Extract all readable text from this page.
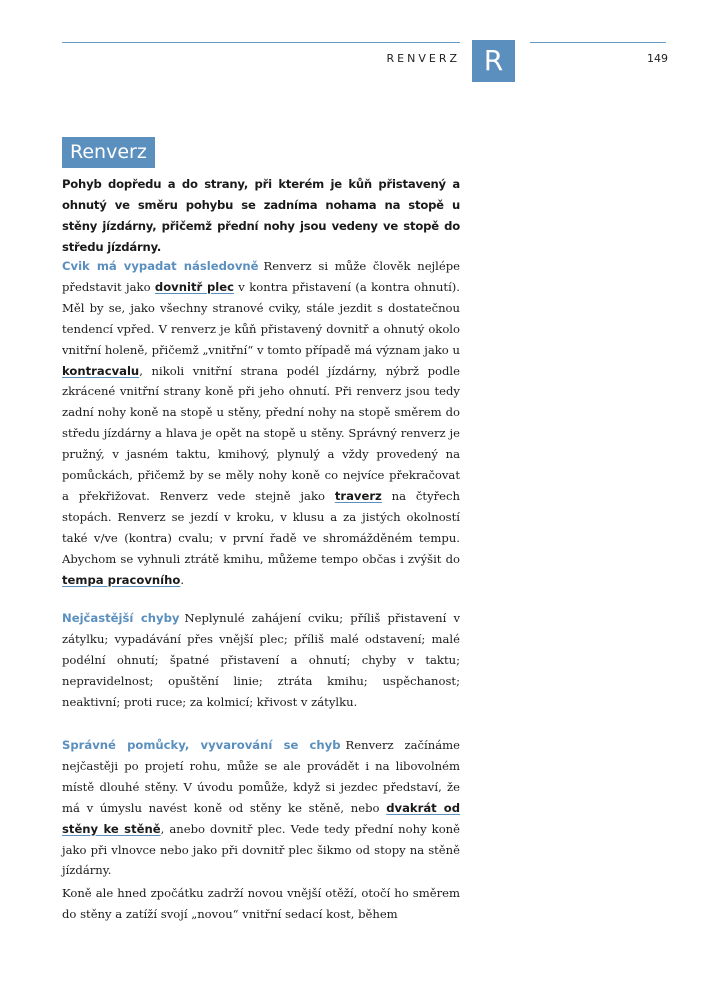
RENVERZ R	149
Renverz
Pohyb dopředu a do strany, při kterém je kůň přistavený a ohnutý ve směru pohybu se zadníma nohama na stopě u stěny jízdárny, přičemž přední nohy jsou vedeny ve stopě do středu jízdárny.
Cvik má vypadat následovně Renverz si může člověk nejlépe představit jako dovnitř plec v kontra přistavení (a kontra ohnutí). Měl by se, jako všechny stranové cviky, stále jezdit s dostatečnou tendencí vpřed. V renverz je kůň přistavený dovnitř a ohnutý okolo vnitřní holeně, přičemž „vnitřní“ v tomto případě má význam jako u kontracvalu, nikoli vnitřní strana podél jízdárny, nýbrž podle zkrácené vnitřní strany koně při jeho ohnutí. Při renverz jsou tedy zadní nohy koně na stopě u stěny, přední nohy na stopě směrem do středu jízdárny a hlava je opět na stopě u stěny. Správný renverz je pružný, v jasném taktu, kmihový, plynulý a vždy provedený na pomůckách, přičemž by se měly nohy koně co nejvíce překračovat a překřižovat. Renverz vede stejně jako traverz na čtyřech stopách. Renverz se jezdí v kroku, v klusu a za jistých okolností také v/ve (kontra) cvalu; v první řadě ve shromážděném tempu. Abychom se vyhnuli ztrátě kmihu, můžeme tempo občas i zvýšit do tempa pracovního.
Nejčastější chyby Neplynulé zahájení cviku; příliš přistavení v zátylku; vypadávání přes vnější plec; příliš malé odstavení; malé podélní ohnutí; špatné přistavení a ohnutí; chyby v taktu; nepravidelnost; opuštění linie; ztráta kmihu; uspěchanost; neaktivní; proti ruce; za kolmicí; křivost v zátylku.
Správné pomůcky, vyvarování se chyb Renverz začínáme nejčastěji po projetí rohu, může se ale provádět i na libovolném místě dlouhé stěny. V úvodu pomůže, když si jezdec představí, že má v úmyslu navést koně od stěny ke stěně, nebo dvakrát od stěny ke stěně, anebo dovnitř plec. Vede tedy přední nohy koně jako při vlnovce nebo jako při dovnitř plec šikmo od stopy na stěně jízdárny.
Koně ale hned zpočátku zadrží novou vnější otěží, otočí ho směrem do stěny a zatíží svojí „novou“ vnitřní sedací kost, během
